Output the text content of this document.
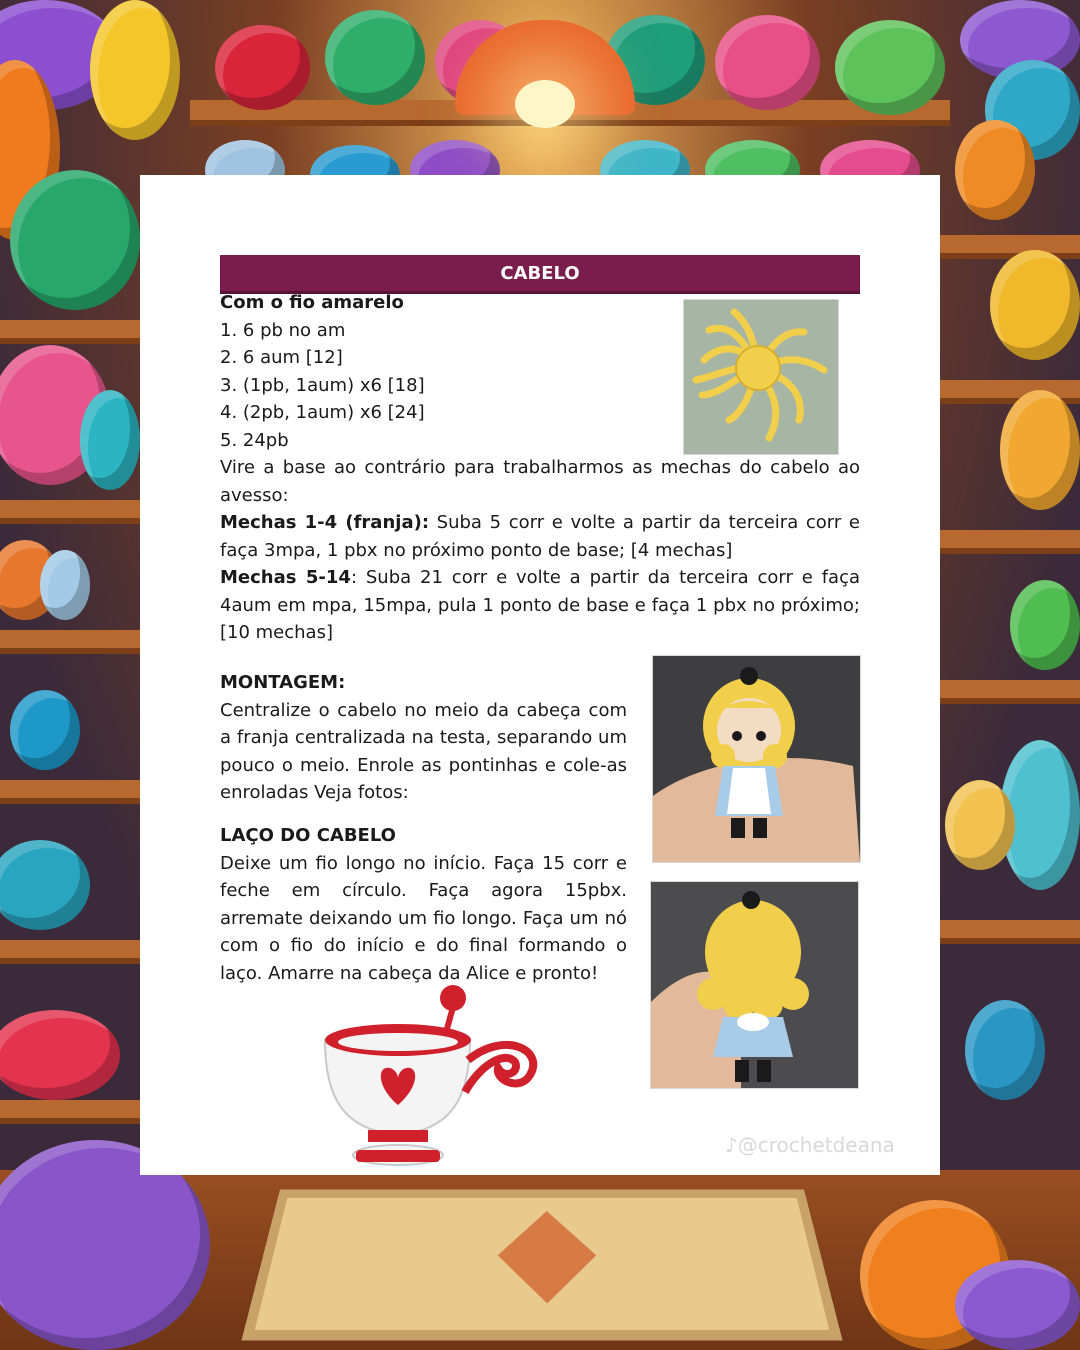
CABELO

Com o fio amarelo

1. 6 pb no am

2. 6 aum [12]

3. (1pb, 1aum) x6 [18]

4. (2pb, 1aum) x6 [24]

5. 24pb

Vire a base ao contrário para trabalharmos as mechas do cabelo ao avesso:

Mechas 1-4 (franja): Suba 5 corr e volte a partir da terceira corr e faça 3mpa, 1 pbx no próximo ponto de base; [4 mechas]

Mechas 5-14: Suba 21 corr e volte a partir da terceira corr e faça 4aum em mpa, 15mpa, pula 1 ponto de base e faça 1 pbx no próximo; [10 mechas]

MONTAGEM:

Centralize o cabelo no meio da cabeça com a franja centralizada na testa, separando um pouco o meio. Enrole as pontinhas e cole-as enroladas Veja fotos:

LAÇO DO CABELO

Deixe um fio longo no início. Faça 15 corr e feche em círculo. Faça agora 15pbx. arremate deixando um fio longo. Faça um nó com o fio do início e do final formando o laço. Amarre na cabeça da Alice e pronto!

♪@crochetdeana
